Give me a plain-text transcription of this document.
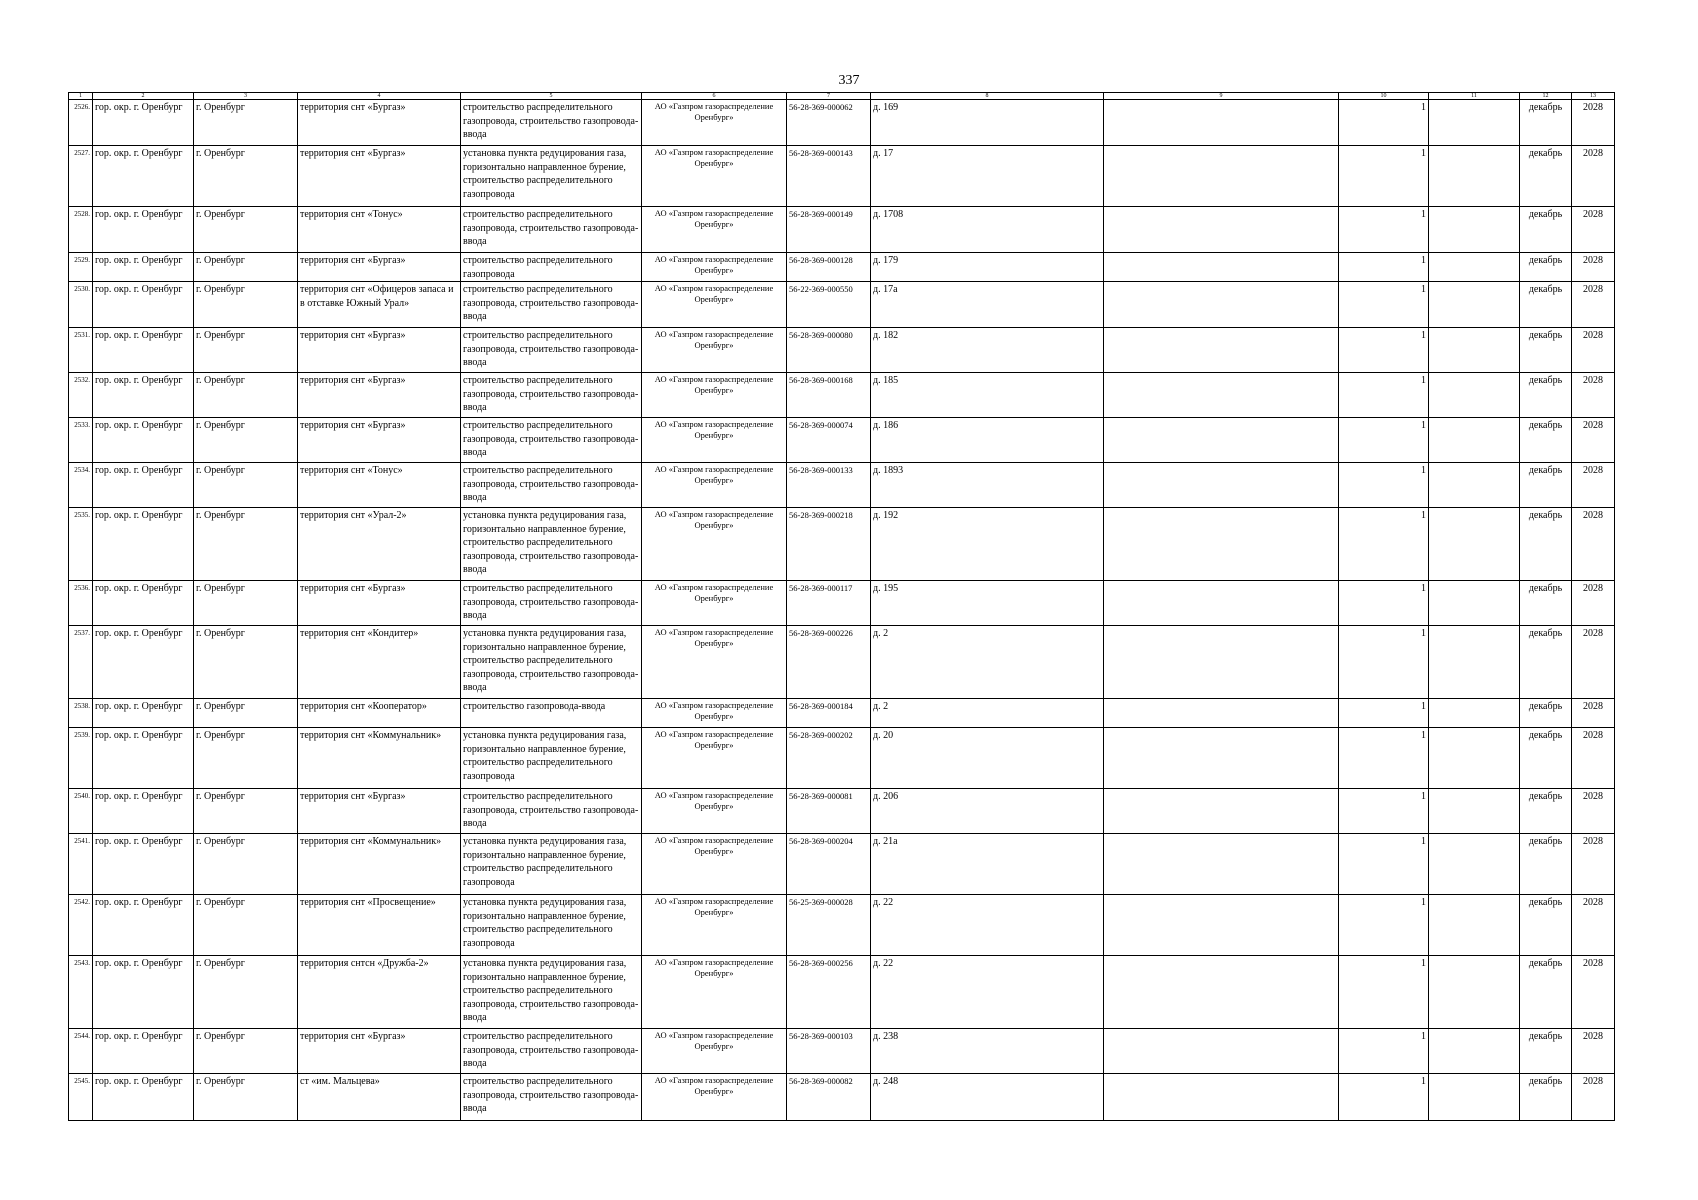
337
1	2	3	4	5	6	7	8	9	10	11	12	13
2526.	гор. окр. г. Оренбург	г. Оренбург	территория снт «Бургаз»	строительство распределительного газопровода, строительство газопровода-ввода	АО «Газпром газораспределение Оренбург»	56-28-369-000062	д. 169		1		декабрь	2028
2527.	гор. окр. г. Оренбург	г. Оренбург	территория снт «Бургаз»	установка пункта редуцирования газа, горизонтально направленное бурение, строительство распределительного газопровода	АО «Газпром газораспределение Оренбург»	56-28-369-000143	д. 17		1		декабрь	2028
2528.	гор. окр. г. Оренбург	г. Оренбург	территория снт «Тонус»	строительство распределительного газопровода, строительство газопровода-ввода	АО «Газпром газораспределение Оренбург»	56-28-369-000149	д. 1708		1		декабрь	2028
2529.	гор. окр. г. Оренбург	г. Оренбург	территория снт «Бургаз»	строительство распределительного газопровода	АО «Газпром газораспределение Оренбург»	56-28-369-000128	д. 179		1		декабрь	2028
2530.	гор. окр. г. Оренбург	г. Оренбург	территория снт «Офицеров запаса и в отставке Южный Урал»	строительство распределительного газопровода, строительство газопровода-ввода	АО «Газпром газораспределение Оренбург»	56-22-369-000550	д. 17а		1		декабрь	2028
2531.	гор. окр. г. Оренбург	г. Оренбург	территория снт «Бургаз»	строительство распределительного газопровода, строительство газопровода-ввода	АО «Газпром газораспределение Оренбург»	56-28-369-000080	д. 182		1		декабрь	2028
2532.	гор. окр. г. Оренбург	г. Оренбург	территория снт «Бургаз»	строительство распределительного газопровода, строительство газопровода-ввода	АО «Газпром газораспределение Оренбург»	56-28-369-000168	д. 185		1		декабрь	2028
2533.	гор. окр. г. Оренбург	г. Оренбург	территория снт «Бургаз»	строительство распределительного газопровода, строительство газопровода-ввода	АО «Газпром газораспределение Оренбург»	56-28-369-000074	д. 186		1		декабрь	2028
2534.	гор. окр. г. Оренбург	г. Оренбург	территория снт «Тонус»	строительство распределительного газопровода, строительство газопровода-ввода	АО «Газпром газораспределение Оренбург»	56-28-369-000133	д. 1893		1		декабрь	2028
2535.	гор. окр. г. Оренбург	г. Оренбург	территория снт «Урал-2»	установка пункта редуцирования газа, горизонтально направленное бурение, строительство распределительного газопровода, строительство газопровода-ввода	АО «Газпром газораспределение Оренбург»	56-28-369-000218	д. 192		1		декабрь	2028
2536.	гор. окр. г. Оренбург	г. Оренбург	территория снт «Бургаз»	строительство распределительного газопровода, строительство газопровода-ввода	АО «Газпром газораспределение Оренбург»	56-28-369-000117	д. 195		1		декабрь	2028
2537.	гор. окр. г. Оренбург	г. Оренбург	территория снт «Кондитер»	установка пункта редуцирования газа, горизонтально направленное бурение, строительство распределительного газопровода, строительство газопровода-ввода	АО «Газпром газораспределение Оренбург»	56-28-369-000226	д. 2		1		декабрь	2028
2538.	гор. окр. г. Оренбург	г. Оренбург	территория снт «Кооператор»	строительство газопровода-ввода	АО «Газпром газораспределение Оренбург»	56-28-369-000184	д. 2		1		декабрь	2028
2539.	гор. окр. г. Оренбург	г. Оренбург	территория снт «Коммунальник»	установка пункта редуцирования газа, горизонтально направленное бурение, строительство распределительного газопровода	АО «Газпром газораспределение Оренбург»	56-28-369-000202	д. 20		1		декабрь	2028
2540.	гор. окр. г. Оренбург	г. Оренбург	территория снт «Бургаз»	строительство распределительного газопровода, строительство газопровода-ввода	АО «Газпром газораспределение Оренбург»	56-28-369-000081	д. 206		1		декабрь	2028
2541.	гор. окр. г. Оренбург	г. Оренбург	территория снт «Коммунальник»	установка пункта редуцирования газа, горизонтально направленное бурение, строительство распределительного газопровода	АО «Газпром газораспределение Оренбург»	56-28-369-000204	д. 21а		1		декабрь	2028
2542.	гор. окр. г. Оренбург	г. Оренбург	территория снт «Просвещение»	установка пункта редуцирования газа, горизонтально направленное бурение, строительство распределительного газопровода	АО «Газпром газораспределение Оренбург»	56-25-369-000028	д. 22		1		декабрь	2028
2543.	гор. окр. г. Оренбург	г. Оренбург	территория снтсн «Дружба-2»	установка пункта редуцирования газа, горизонтально направленное бурение, строительство распределительного газопровода, строительство газопровода-ввода	АО «Газпром газораспределение Оренбург»	56-28-369-000256	д. 22		1		декабрь	2028
2544.	гор. окр. г. Оренбург	г. Оренбург	территория снт «Бургаз»	строительство распределительного газопровода, строительство газопровода-ввода	АО «Газпром газораспределение Оренбург»	56-28-369-000103	д. 238		1		декабрь	2028
2545.	гор. окр. г. Оренбург	г. Оренбург	ст «им. Мальцева»	строительство распределительного газопровода, строительство газопровода-ввода	АО «Газпром газораспределение Оренбург»	56-28-369-000082	д. 248		1		декабрь	2028
